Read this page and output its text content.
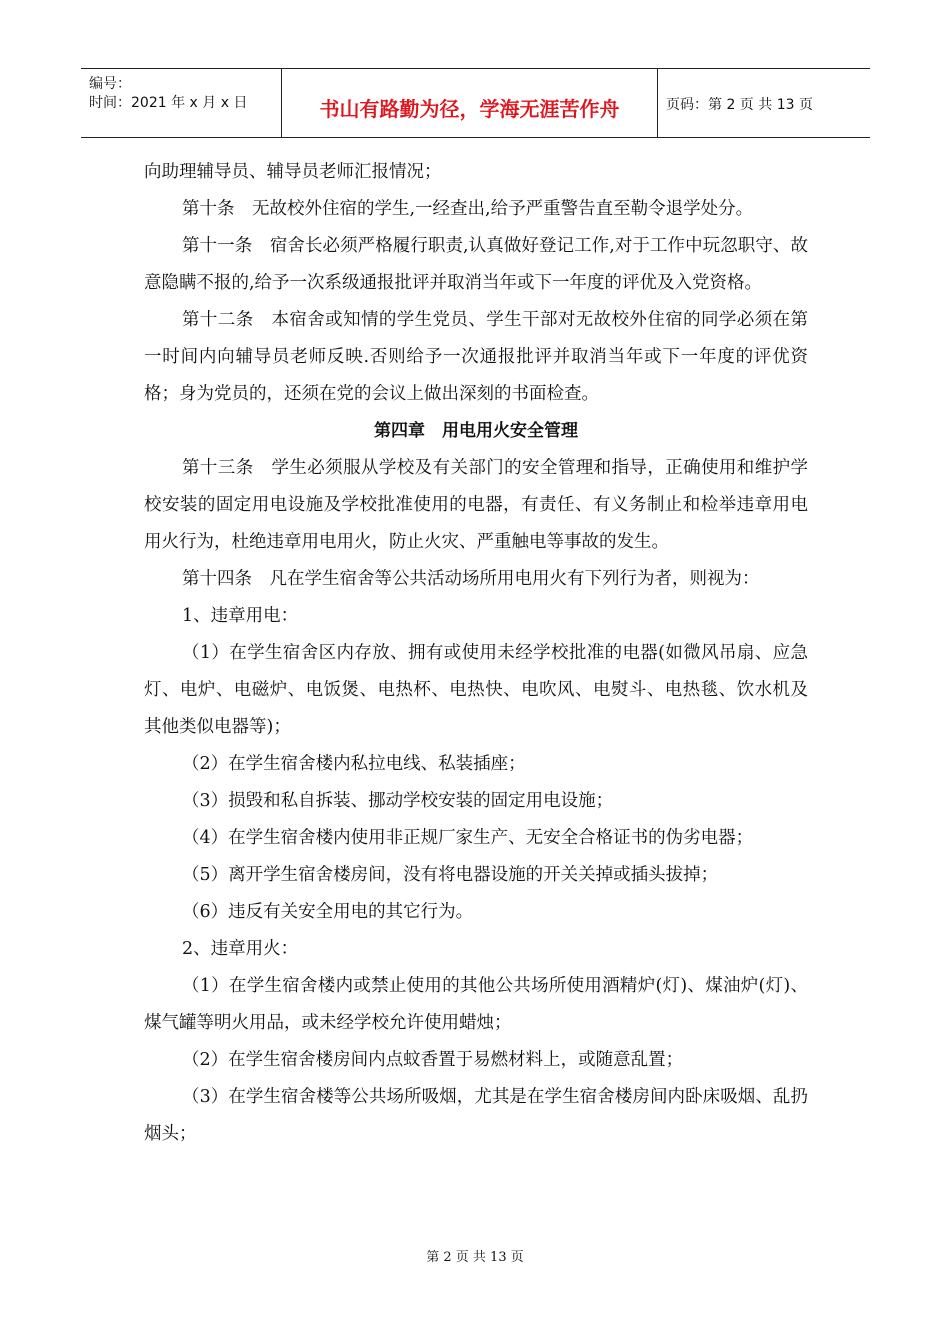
编号：
时间：2021 年 x 月 x 日	书山有路勤为径，学海无涯苦作舟	页码：第 2 页 共 13 页

向助理辅导员、辅导员老师汇报情况；

第十条　无故校外住宿的学生,一经查出,给予严重警告直至勒令退学处分。

第十一条　宿舍长必须严格履行职责,认真做好登记工作,对于工作中玩忽职守、故意隐瞒不报的,给予一次系级通报批评并取消当年或下一年度的评优及入党资格。

第十二条　本宿舍或知情的学生党员、学生干部对无故校外住宿的同学必须在第一时间内向辅导员老师反映.否则给予一次通报批评并取消当年或下一年度的评优资格；身为党员的，还须在党的会议上做出深刻的书面检查。

第四章　用电用火安全管理

第十三条　学生必须服从学校及有关部门的安全管理和指导，正确使用和维护学校安装的固定用电设施及学校批准使用的电器，有责任、有义务制止和检举违章用电用火行为，杜绝违章用电用火，防止火灾、严重触电等事故的发生。

第十四条　凡在学生宿舍等公共活动场所用电用火有下列行为者，则视为：

1、违章用电：

（1）在学生宿舍区内存放、拥有或使用未经学校批准的电器(如微风吊扇、应急灯、电炉、电磁炉、电饭煲、电热杯、电热快、电吹风、电熨斗、电热毯、饮水机及其他类似电器等)；

（2）在学生宿舍楼内私拉电线、私装插座；

（3）损毁和私自拆装、挪动学校安装的固定用电设施；

（4）在学生宿舍楼内使用非正规厂家生产、无安全合格证书的伪劣电器；

（5）离开学生宿舍楼房间，没有将电器设施的开关关掉或插头拔掉；

（6）违反有关安全用电的其它行为。

2、违章用火：

（1）在学生宿舍楼内或禁止使用的其他公共场所使用酒精炉(灯)、煤油炉(灯)、煤气罐等明火用品，或未经学校允许使用蜡烛；

（2）在学生宿舍楼房间内点蚊香置于易燃材料上，或随意乱置；

（3）在学生宿舍楼等公共场所吸烟，尤其是在学生宿舍楼房间内卧床吸烟、乱扔烟头；

第 2 页 共 13 页
